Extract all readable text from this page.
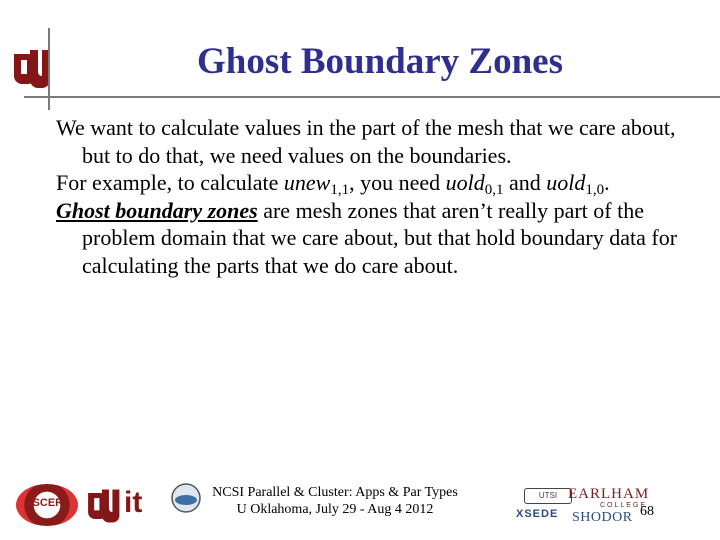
Ghost Boundary Zones

We want to calculate values in the part of the mesh that we care about, but to do that, we need values on the boundaries.

For example, to calculate unew$_{1,1}$, you need uold$_{0,1}$ and uold$_{1,0}$.

Ghost boundary zones are mesh zones that aren’t really part of the problem domain that we care about, but that hold boundary data for calculating the parts that we do care about.

OSCER it	UTSI
XSEDE
EARLHAM
COLLEGE
SHODOR
NCSI Parallel & Cluster: Apps & Par Types
U Oklahoma, July 29 - Aug 4 2012	68
